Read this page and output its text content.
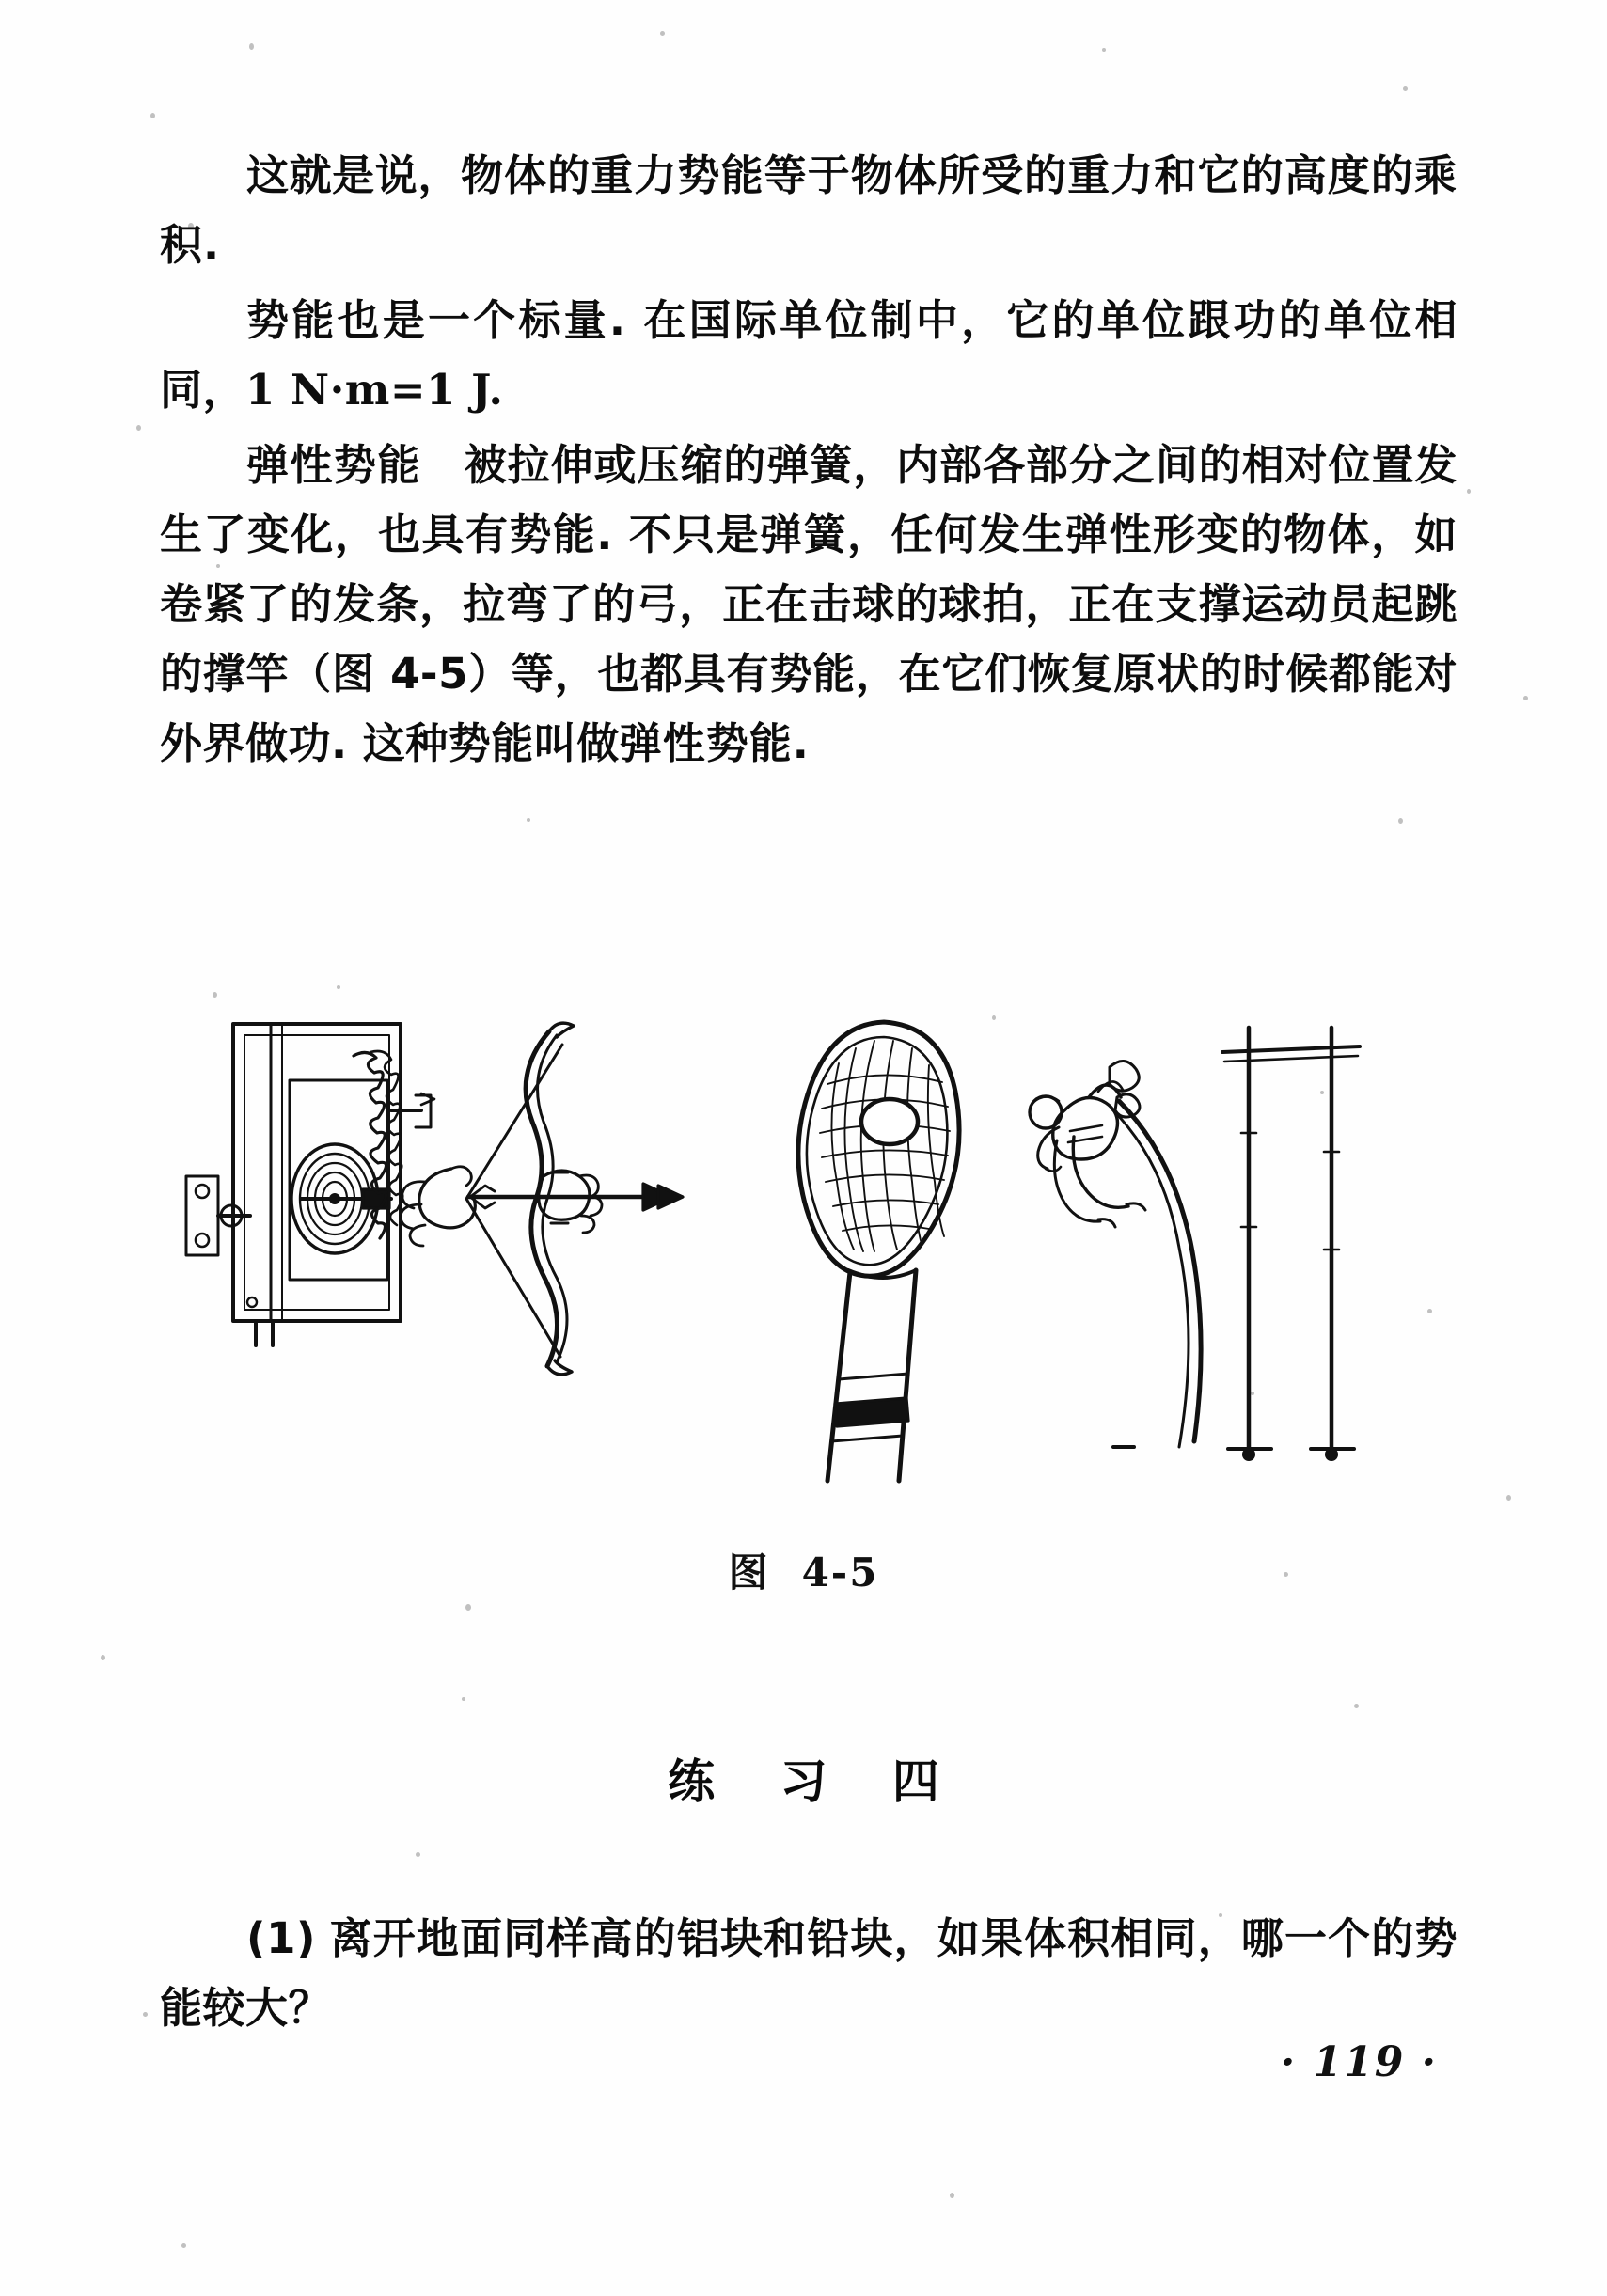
这就是说，物体的重力势能等于物体所受的重力和它的高度的乘积.

势能也是一个标量. 在国际单位制中，它的单位跟功的单位相同，1 N·m=1 J.

弹性势能　被拉伸或压缩的弹簧，内部各部分之间的相对位置发生了变化，也具有势能. 不只是弹簧，任何发生弹性形变的物体，如卷紧了的发条，拉弯了的弓，正在击球的球拍，正在支撑运动员起跳的撑竿（图 4-5）等，也都具有势能，在它们恢复原状的时候都能对外界做功. 这种势能叫做弹性势能.

图 4-5
练 习 四

(1) 离开地面同样高的铝块和铅块，如果体积相同，哪一个的势能较大？

· 119 ·
